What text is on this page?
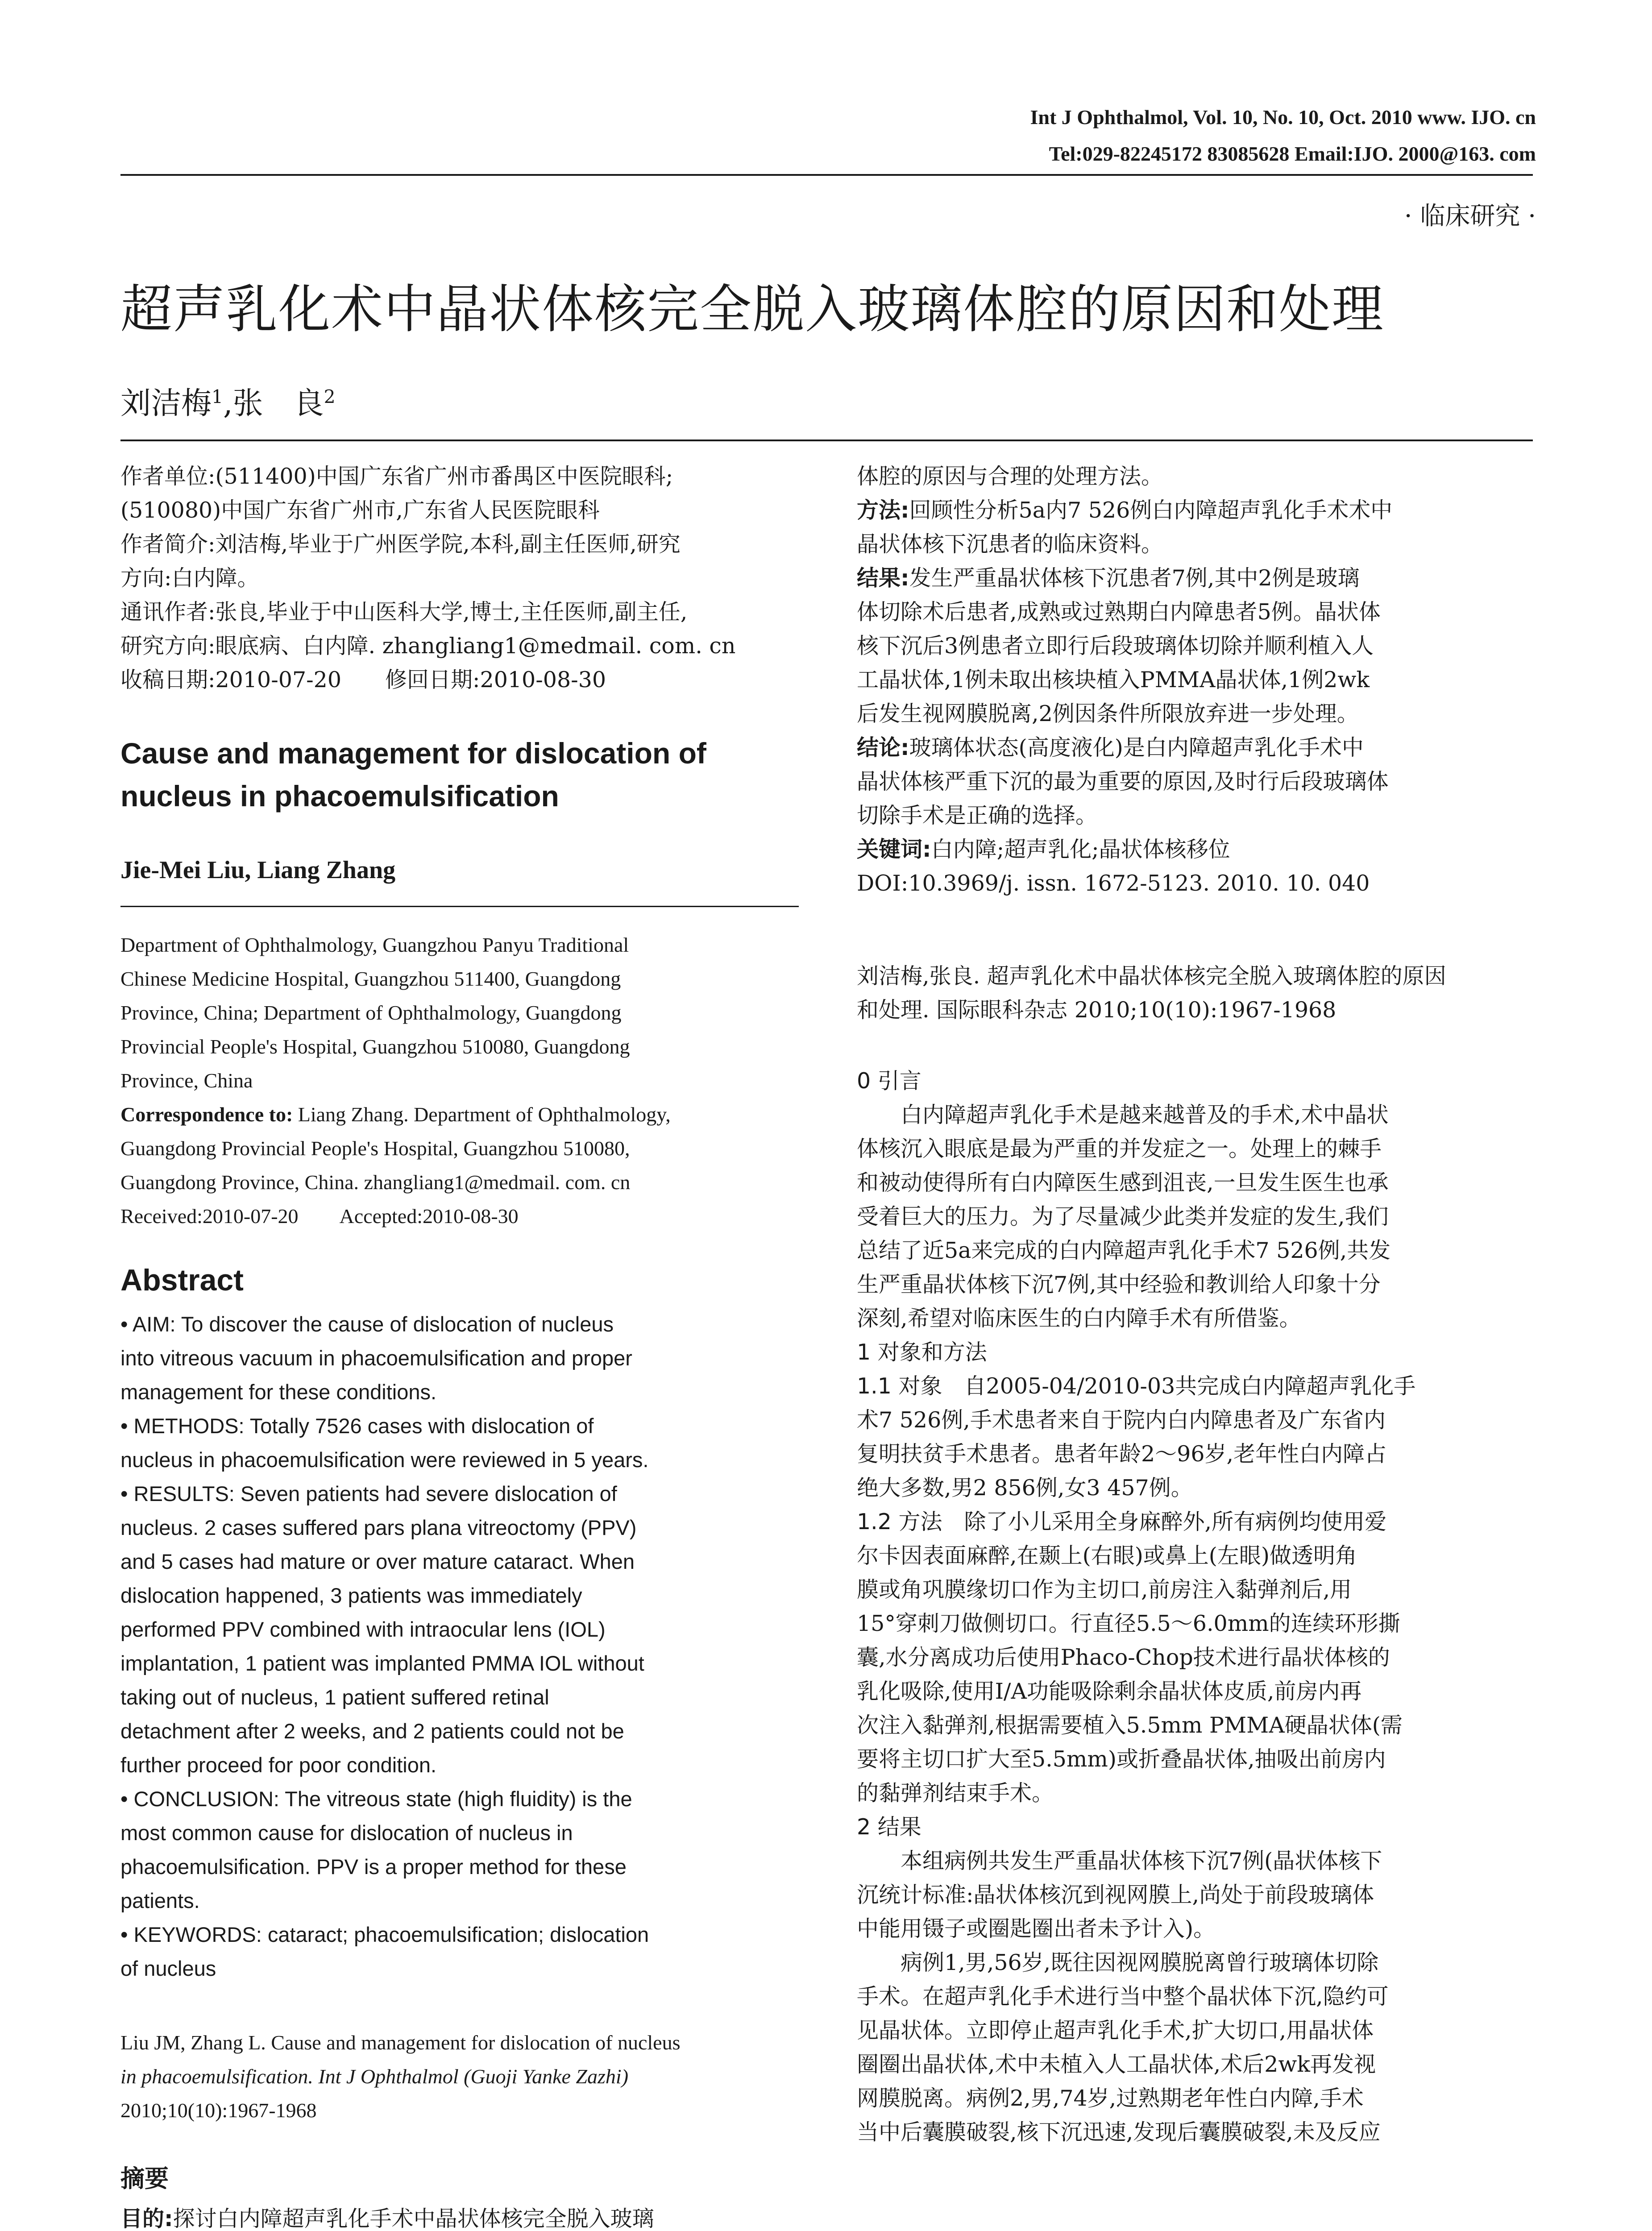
Int J Ophthalmol, Vol. 10, No. 10, Oct. 2010 www. IJO. cn
Tel:029-82245172 83085628 Email:IJO. 2000@163. com
· 临床研究 ·
超声乳化术中晶状体核完全脱入玻璃体腔的原因和处理
刘洁梅$^1$,张　良$^2$

作者单位:(511400)中国广东省广州市番禺区中医院眼科;

(510080)中国广东省广州市,广东省人民医院眼科

作者简介:刘洁梅,毕业于广州医学院,本科,副主任医师,研究

方向:白内障。

通讯作者:张良,毕业于中山医科大学,博士,主任医师,副主任,

研究方向:眼底病、白内障. zhangliang1@medmail. com. cn

收稿日期:2010-07-20　　修回日期:2010-08-30

Cause and management for dislocation of
nucleus in phacoemulsification
Jie-Mei Liu, Liang Zhang

Department of Ophthalmology, Guangzhou Panyu Traditional

Chinese Medicine Hospital, Guangzhou 511400, Guangdong

Province, China; Department of Ophthalmology, Guangdong

Provincial People's Hospital, Guangzhou 510080, Guangdong

Province, China

Correspondence to: Liang Zhang. Department of Ophthalmology,

Guangdong Provincial People's Hospital, Guangzhou 510080,

Guangdong Province, China. zhangliang1@medmail. com. cn

Received:2010-07-20　　Accepted:2010-08-30

Abstract

• AIM: To discover the cause of dislocation of nucleus

into vitreous vacuum in phacoemulsification and proper

management for these conditions.

• METHODS: Totally 7526 cases with dislocation of

nucleus in phacoemulsification were reviewed in 5 years.

• RESULTS: Seven patients had severe dislocation of

nucleus. 2 cases suffered pars plana vitreoctomy (PPV)

and 5 cases had mature or over mature cataract. When

dislocation happened, 3 patients was immediately

performed PPV combined with intraocular lens (IOL)

implantation, 1 patient was implanted PMMA IOL without

taking out of nucleus, 1 patient suffered retinal

detachment after 2 weeks, and 2 patients could not be

further proceed for poor condition.

• CONCLUSION: The vitreous state (high fluidity) is the

most common cause for dislocation of nucleus in

phacoemulsification. PPV is a proper method for these

patients.

• KEYWORDS: cataract; phacoemulsification; dislocation

of nucleus

Liu JM, Zhang L. Cause and management for dislocation of nucleus

in phacoemulsification. Int J Ophthalmol (Guoji Yanke Zazhi)

2010;10(10):1967-1968

摘要

目的:探讨白内障超声乳化手术中晶状体核完全脱入玻璃

体腔的原因与合理的处理方法。

方法:回顾性分析5a内7 526例白内障超声乳化手术术中

晶状体核下沉患者的临床资料。

结果:发生严重晶状体核下沉患者7例,其中2例是玻璃

体切除术后患者,成熟或过熟期白内障患者5例。晶状体

核下沉后3例患者立即行后段玻璃体切除并顺利植入人

工晶状体,1例未取出核块植入PMMA晶状体,1例2wk

后发生视网膜脱离,2例因条件所限放弃进一步处理。

结论:玻璃体状态(高度液化)是白内障超声乳化手术中

晶状体核严重下沉的最为重要的原因,及时行后段玻璃体

切除手术是正确的选择。

关键词:白内障;超声乳化;晶状体核移位

DOI:10.3969/j. issn. 1672-5123. 2010. 10. 040

刘洁梅,张良. 超声乳化术中晶状体核完全脱入玻璃体腔的原因

和处理. 国际眼科杂志 2010;10(10):1967-1968

0 引言

白内障超声乳化手术是越来越普及的手术,术中晶状

体核沉入眼底是最为严重的并发症之一。处理上的棘手

和被动使得所有白内障医生感到沮丧,一旦发生医生也承

受着巨大的压力。为了尽量减少此类并发症的发生,我们

总结了近5a来完成的白内障超声乳化手术7 526例,共发

生严重晶状体核下沉7例,其中经验和教训给人印象十分

深刻,希望对临床医生的白内障手术有所借鉴。

1 对象和方法

1.1 对象　自2005-04/2010-03共完成白内障超声乳化手

术7 526例,手术患者来自于院内白内障患者及广东省内

复明扶贫手术患者。患者年龄2～96岁,老年性白内障占

绝大多数,男2 856例,女3 457例。

1.2 方法　除了小儿采用全身麻醉外,所有病例均使用爱

尔卡因表面麻醉,在颞上(右眼)或鼻上(左眼)做透明角

膜或角巩膜缘切口作为主切口,前房注入黏弹剂后,用

15°穿刺刀做侧切口。行直径5.5～6.0mm的连续环形撕

囊,水分离成功后使用Phaco-Chop技术进行晶状体核的

乳化吸除,使用I/A功能吸除剩余晶状体皮质,前房内再

次注入黏弹剂,根据需要植入5.5mm PMMA硬晶状体(需

要将主切口扩大至5.5mm)或折叠晶状体,抽吸出前房内

的黏弹剂结束手术。

2 结果

本组病例共发生严重晶状体核下沉7例(晶状体核下

沉统计标准:晶状体核沉到视网膜上,尚处于前段玻璃体

中能用镊子或圈匙圈出者未予计入)。

病例1,男,56岁,既往因视网膜脱离曾行玻璃体切除

手术。在超声乳化手术进行当中整个晶状体下沉,隐约可

见晶状体。立即停止超声乳化手术,扩大切口,用晶状体

圈圈出晶状体,术中未植入人工晶状体,术后2wk再发视

网膜脱离。病例2,男,74岁,过熟期老年性白内障,手术

当中后囊膜破裂,核下沉迅速,发现后囊膜破裂,未及反应
